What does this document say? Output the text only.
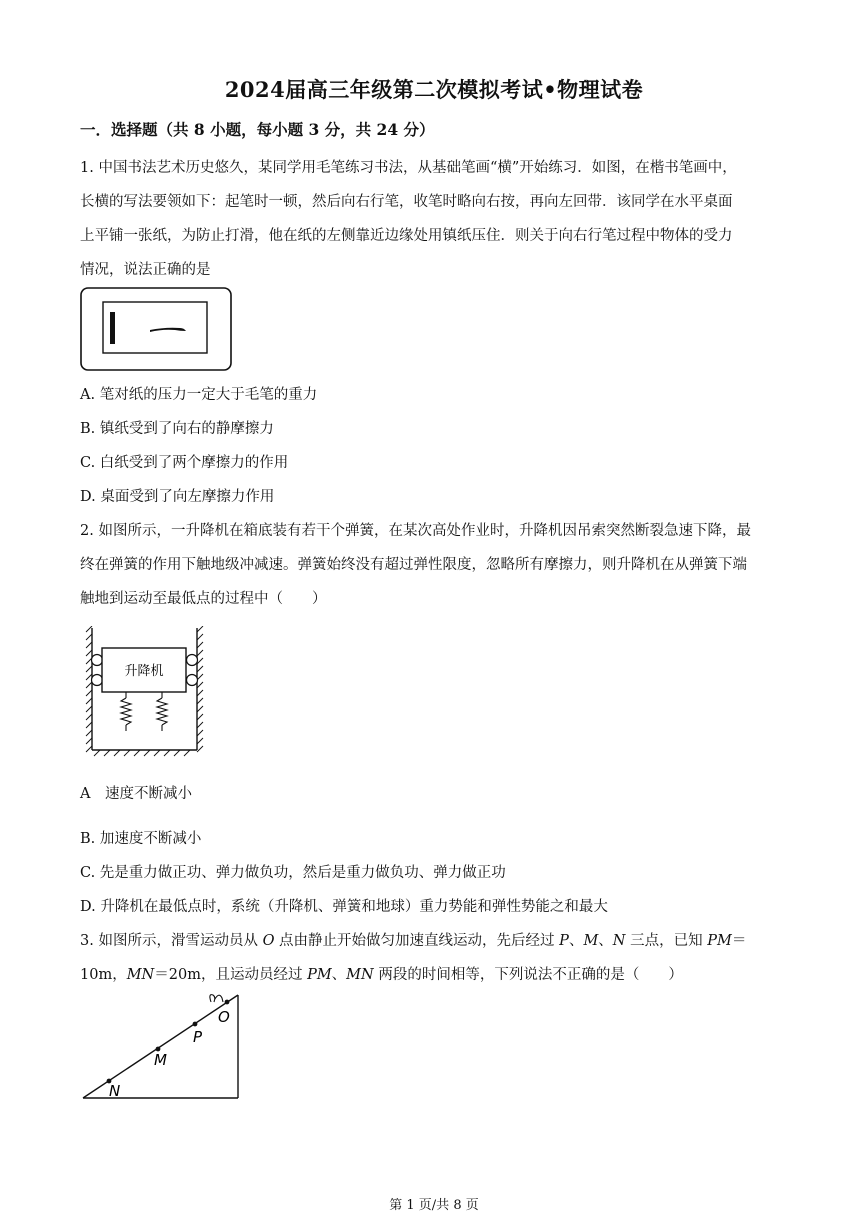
2024届高三年级第二次模拟考试•物理试卷
一．选择题（共 8 小题，每小题 3 分，共 24 分）
1. 中国书法艺术历史悠久，某同学用毛笔练习书法，从基础笔画“横”开始练习．如图，在楷书笔画中，
长横的写法要领如下：起笔时一顿，然后向右行笔，收笔时略向右按，再向左回带．该同学在水平桌面
上平铺一张纸，为防止打滑，他在纸的左侧靠近边缘处用镇纸压住．则关于向右行笔过程中物体的受力
情况，说法正确的是
A. 笔对纸的压力一定大于毛笔的重力
B. 镇纸受到了向右的静摩擦力
C. 白纸受到了两个摩擦力的作用
D. 桌面受到了向左摩擦力作用
2. 如图所示，一升降机在箱底装有若干个弹簧，在某次高处作业时，升降机因吊索突然断裂急速下降，最
终在弹簧的作用下触地级冲减速。弹簧始终没有超过弹性限度，忽略所有摩擦力，则升降机在从弹簧下端
触地到运动至最低点的过程中（　　）
升降机
A　速度不断减小
B. 加速度不断减小
C. 先是重力做正功、弹力做负功，然后是重力做负功、弹力做正功
D. 升降机在最低点时，系统（升降机、弹簧和地球）重力势能和弹性势能之和最大
3. 如图所示，滑雪运动员从 O 点由静止开始做匀加速直线运动，先后经过 P、M、N 三点，已知 PM＝
10m，MN＝20m，且运动员经过 PM、MN 两段的时间相等，下列说法不正确的是（　　）
O
P
M
N
第 1 页/共 8 页
